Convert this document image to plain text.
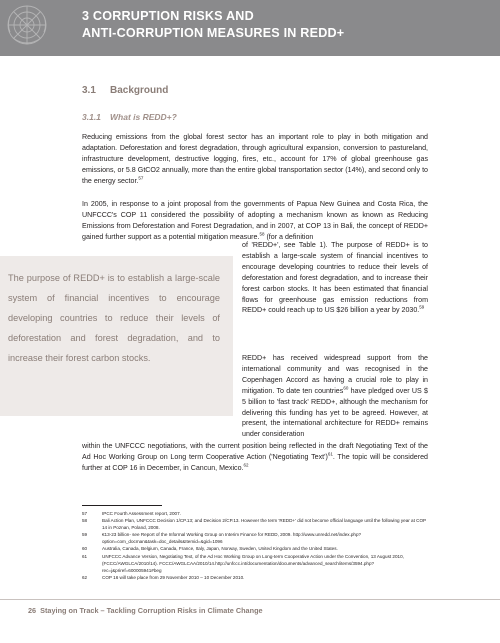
3 CORRUPTION RISKS AND
ANTI-CORRUPTION MEASURES IN REDD+
3.1 Background
3.1.1 What is REDD+?

Reducing emissions from the global forest sector has an important role to play in both mitigation and adaptation. Deforestation and forest degradation, through agricultural expansion, conversion to pastureland, infrastructure development, destructive logging, fires, etc., account for 17% of global greenhouse gas emissions, or 5.8 GtCO2 annually, more than the entire global transportation sector (14%), and second only to the energy sector.$^{57}$

In 2005, in response to a joint proposal from the governments of Papua New Guinea and Costa Rica, the UNFCCC's COP 11 considered the possibility of adopting a mechanism known as known as Reducing Emissions from Deforestation and Forest Degradation, and in 2007, at COP 13 in Bali, the concept of REDD+ gained further support as a potential mitigation measure.$^{58}$ (for a definition

of 'REDD+', see Table 1). The purpose of REDD+ is to establish a large-scale system of financial incentives to encourage developing countries to reduce their levels of deforestation and forest degradation, and to increase their forest carbon stocks. It has been estimated that financial flows for greenhouse gas emission reductions from REDD+ could reach up to US $26 billion a year by 2030.59

The purpose of REDD+ is to establish a large-scale system of financial incentives to encourage developing countries to reduce their levels of deforestation and forest degradation, and to increase their forest carbon stocks.	REDD+ has received widespread support from the international community and was recognised in the Copenhagen Accord as having a crucial role to play in mitigation. To date ten countries$^{60}$ have pledged over US $ 5 billion to 'fast track' REDD+, although the mechanism for delivering this funding has yet to be agreed. However, at present, the international architecture for REDD+ remains under consideration

within the UNFCCC negotiations, with the current position being reflected in the draft Negotiating Text of the Ad Hoc Working Group on Long term Cooperative Action ('Negotiating Text')$^{61}$. The topic will be considered further at COP 16 in December, in Cancun, Mexico.$^{62}$

57	IPCC Fourth Assessment report, 2007.
58	Bali Action Plan, UNFCCC Decision 1/CP.13; and Decision 2/CP.13. However the term 'REDD+' did not become official language until the following year at COP 14 in Poznan, Poland, 2008.
59	€13-23 billion- see Report of the Informal Working Group on Interim Finance for REDD, 2009. http://www.unredd.net/index.php?option=com_docman&task=doc_details&Itemid=&gid=1096
60	Australia, Canada, Belgium, Canada, France, Italy, Japan, Norway, Sweden, United Kingdom and the United States.
61	UNFCCC Advance Version, Negotiating Text, of the Ad Hoc Working Group on Long-term Cooperative Action under the Convention, 13 August 2010, (FCCC/AWGLCA/2010/14). FCCC/AWGLCAA/2010/14.http://unfccc.int/documentation/documents/advanced_search/items/3594.php?rec=j&priref=600005941#beg
62	COP 16 will take place from 29 November 2010 – 10 December 2010.

26 Staying on Track – Tackling Corruption Risks in Climate Change
